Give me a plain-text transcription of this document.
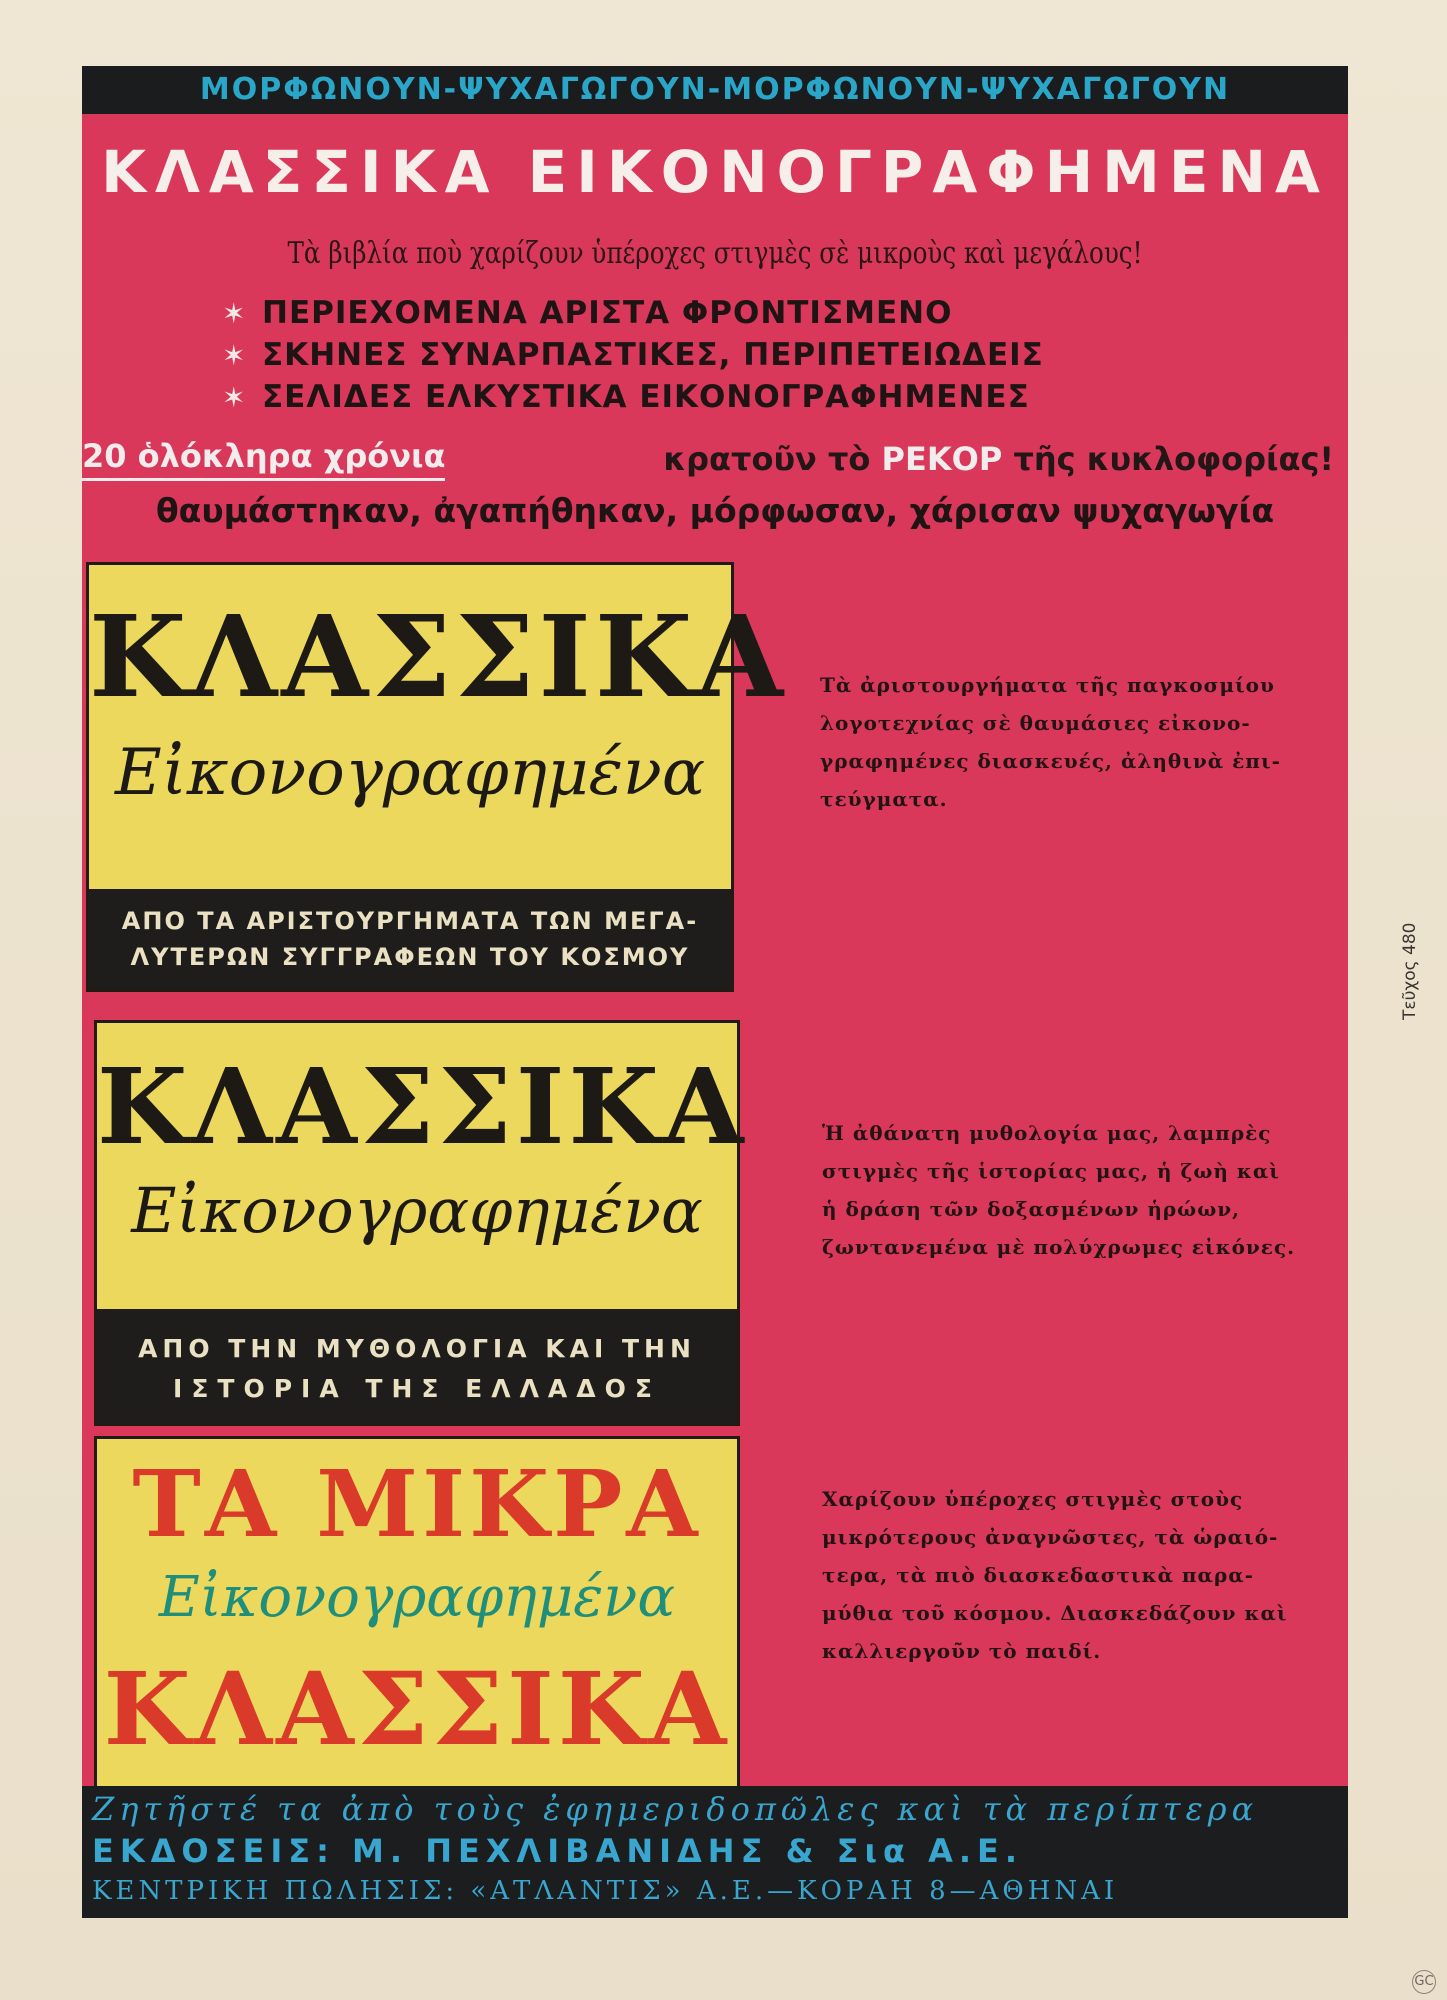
ΜΟΡΦΩΝΟΥΝ-ΨΥΧΑΓΩΓΟΥΝ-ΜΟΡΦΩΝΟΥΝ-ΨΥΧΑΓΩΓΟΥΝ
ΚΛΑΣΣΙΚΑ ΕΙΚΟΝΟΓΡΑΦΗΜΕΝΑ
Τὰ βιβλία ποὺ χαρίζουν ὑπέροχες στιγμὲς σὲ μικροὺς καὶ μεγάλους!
✶ ΠΕΡΙΕΧΟΜΕΝΑ ΑΡΙΣΤΑ ΦΡΟΝΤΙΣΜΕΝΟ
✶ ΣΚΗΝΕΣ ΣΥΝΑΡΠΑΣΤΙΚΕΣ, ΠΕΡΙΠΕΤΕΙΩΔΕΙΣ
✶ ΣΕΛΙΔΕΣ ΕΛΚΥΣΤΙΚΑ ΕΙΚΟΝΟΓΡΑΦΗΜΕΝΕΣ
20 ὁλόκληρα χρόνια	κρατοῦν τὸ ΡΕΚΟΡ τῆς κυκλοφορίας!
θαυμάστηκαν, ἀγαπήθηκαν, μόρφωσαν, χάρισαν ψυχαγωγία
ΚΛΑΣΣΙΚΑ
Εἰκονογραφημένα
ΑΠΟ ΤΑ ΑΡΙΣΤΟΥΡΓΗΜΑΤΑ ΤΩΝ ΜΕΓΑ-
ΛΥΤΕΡΩΝ ΣΥΓΓΡΑΦΕΩΝ ΤΟΥ ΚΟΣΜΟΥ
Τὰ ἀριστουργήματα τῆς παγκοσμίου
λογοτεχνίας σὲ θαυμάσιες εἰκονο-
γραφημένες διασκευές, ἀληθινὰ ἐπι-
τεύγματα.
ΚΛΑΣΣΙΚΑ
Εἰκονογραφημένα
ΑΠΟ ΤΗΝ ΜΥΘΟΛΟΓΙΑ ΚΑΙ ΤΗΝ
ΙΣΤΟΡΙΑ ΤΗΣ ΕΛΛΑΔΟΣ
Ἡ ἀθάνατη μυθολογία μας, λαμπρὲς
στιγμὲς τῆς ἱστορίας μας, ἡ ζωὴ καὶ
ἡ δράση τῶν δοξασμένων ἡρώων,
ζωντανεμένα μὲ πολύχρωμες εἰκόνες.
ΤΑ ΜΙΚΡΑ
Εἰκονογραφημένα
ΚΛΑΣΣΙΚΑ
Χαρίζουν ὑπέροχες στιγμὲς στοὺς
μικρότερους ἀναγνῶστες, τὰ ὡραιό-
τερα, τὰ πιὸ διασκεδαστικὰ παρα-
μύθια τοῦ κόσμου. Διασκεδάζουν καὶ
καλλιεργοῦν τὸ παιδί.
Ζητῆστέ τα ἀπὸ τοὺς ἐφημεριδοπῶλες καὶ τὰ περίπτερα
ΕΚΔΟΣΕΙΣ: Μ. ΠΕΧΛΙΒΑΝΙΔΗΣ & Σια Α.Ε.
ΚΕΝΤΡΙΚΗ ΠΩΛΗΣΙΣ: «ΑΤΛΑΝΤΙΣ» Α.Ε.—ΚΟΡΑΗ 8—ΑΘΗΝΑΙ
Τεῦχος 480
GC
